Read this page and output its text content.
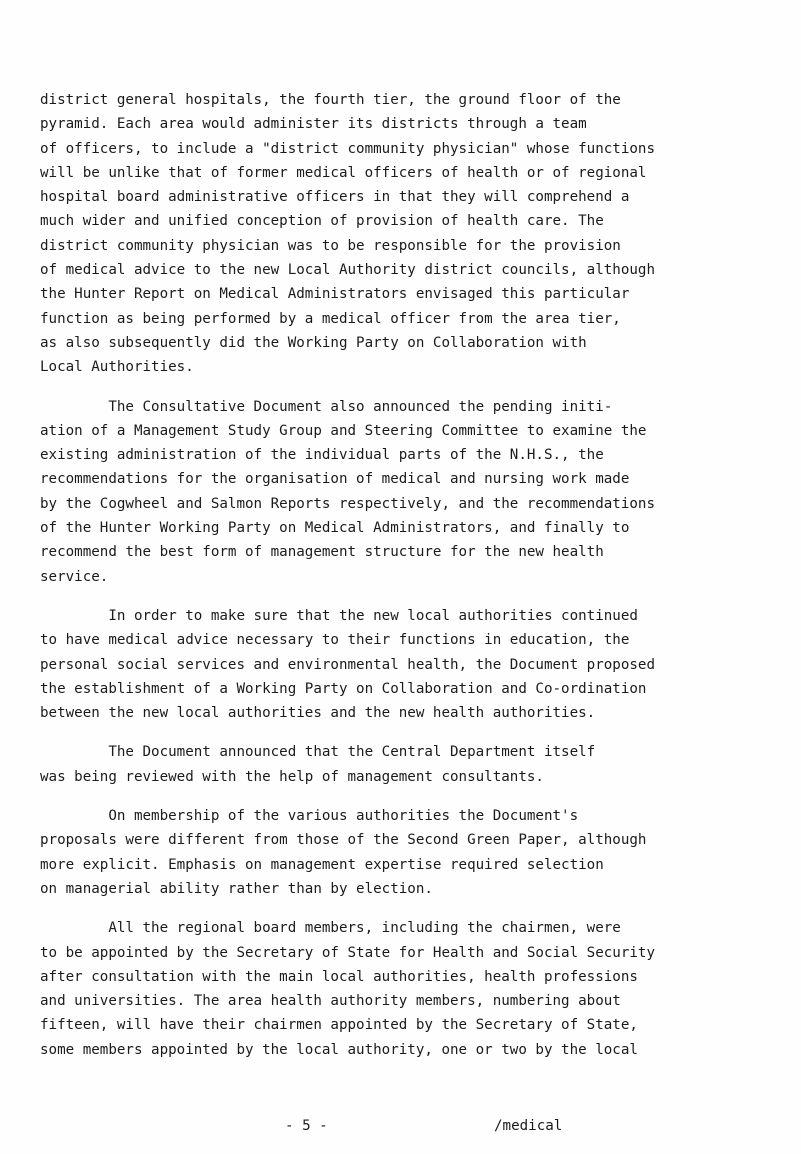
district general hospitals, the fourth tier, the ground floor of the
pyramid. Each area would administer its districts through a team
of officers, to include a "district community physician" whose functions
will be unlike that of former medical officers of health or of regional
hospital board administrative officers in that they will comprehend a
much wider and unified conception of provision of health care. The
district community physician was to be responsible for the provision
of medical advice to the new Local Authority district councils, although
the Hunter Report on Medical Administrators envisaged this particular
function as being performed by a medical officer from the area tier,
as also subsequently did the Working Party on Collaboration with
Local Authorities.
The Consultative Document also announced the pending initi-
ation of a Management Study Group and Steering Committee to examine the
existing administration of the individual parts of the N.H.S., the
recommendations for the organisation of medical and nursing work made
by the Cogwheel and Salmon Reports respectively, and the recommendations
of the Hunter Working Party on Medical Administrators, and finally to
recommend the best form of management structure for the new health
service.
In order to make sure that the new local authorities continued
to have medical advice necessary to their functions in education, the
personal social services and environmental health, the Document proposed
the establishment of a Working Party on Collaboration and Co-ordination
between the new local authorities and the new health authorities.
The Document announced that the Central Department itself
was being reviewed with the help of management consultants.
On membership of the various authorities the Document's
proposals were different from those of the Second Green Paper, although
more explicit. Emphasis on management expertise required selection
on managerial ability rather than by election.
All the regional board members, including the chairmen, were
to be appointed by the Secretary of State for Health and Social Security
after consultation with the main local authorities, health professions
and universities. The area health authority members, numbering about
fifteen, will have their chairmen appointed by the Secretary of State,
some members appointed by the local authority, one or two by the local
- 5 -	/medical
